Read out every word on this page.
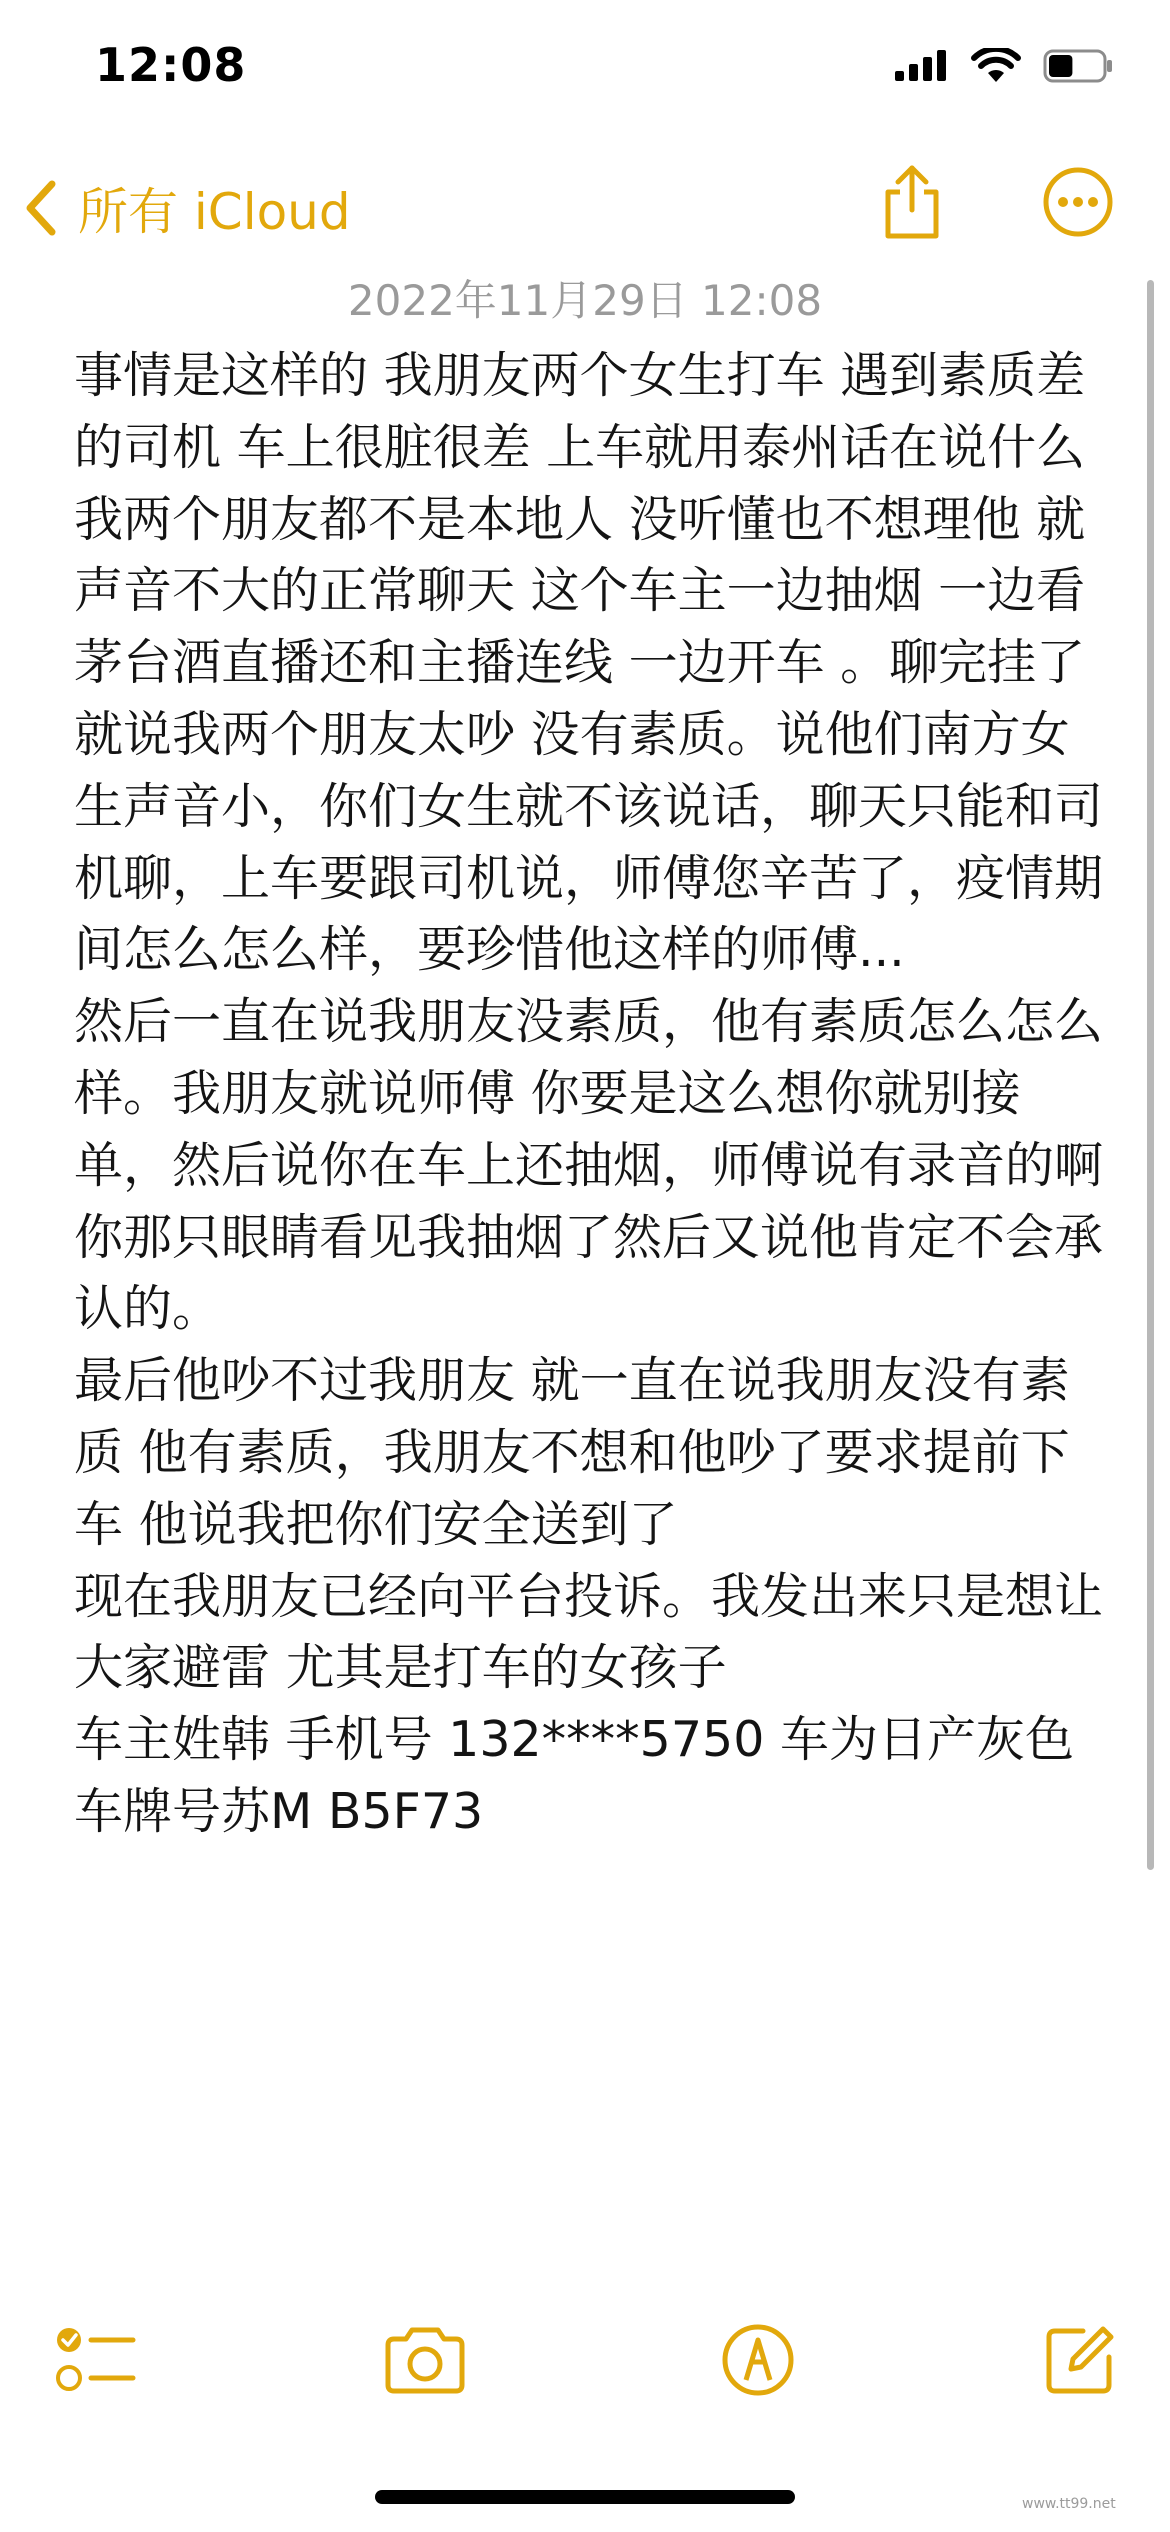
12:08
所有 iCloud
2022年11月29日 12:08

事情是这样的 我朋友两个女生打车 遇到素质差的司机 车上很脏很差 上车就用泰州话在说什么 我两个朋友都不是本地人 没听懂也不想理他 就声音不大的正常聊天 这个车主一边抽烟 一边看茅台酒直播还和主播连线 一边开车 。聊完挂了就说我两个朋友太吵 没有素质。说他们南方女生声音小，你们女生就不该说话，聊天只能和司机聊，上车要跟司机说，师傅您辛苦了，疫情期间怎么怎么样，要珍惜他这样的师傅...

然后一直在说我朋友没素质，他有素质怎么怎么样。我朋友就说师傅 你要是这么想你就别接单，然后说你在车上还抽烟，师傅说有录音的啊 你那只眼睛看见我抽烟了然后又说他肯定不会承认的。

最后他吵不过我朋友 就一直在说我朋友没有素质 他有素质，我朋友不想和他吵了要求提前下车 他说我把你们安全送到了

现在我朋友已经向平台投诉。我发出来只是想让大家避雷 尤其是打车的女孩子

车主姓韩 手机号 132****5750 车为日产灰色

车牌号苏M B5F73

www.tt99.net
